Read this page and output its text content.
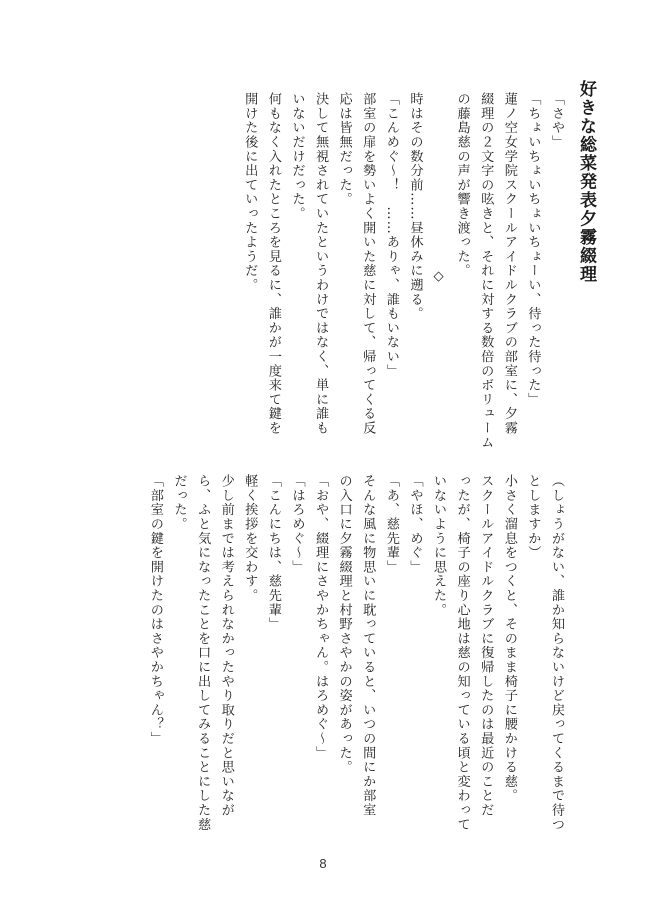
好きな総菜発表夕霧綴理
「さや」
「ちょいちょいちょいちょーい、待った待った」
蓮ノ空女学院スクールアイドルクラブの部室に、夕霧
綴理の２文字の呟きと、それに対する数倍のボリューム
の藤島慈の声が響き渡った。
◇
時はその数分前……昼休みに遡る。
「こんめぐ〜！　……ありゃ、誰もいない」
部室の扉を勢いよく開いた慈に対して、帰ってくる反
応は皆無だった。
決して無視されていたというわけではなく、単に誰も
いないだけだった。
何もなく入れたところを見るに、誰かが一度来て鍵を
開けた後に出ていったようだ。
（しょうがない、誰か知らないけど戻ってくるまで待つ
としますか）
小さく溜息をつくと、そのまま椅子に腰かける慈。
スクールアイドルクラブに復帰したのは最近のことだ
ったが、椅子の座り心地は慈の知っている頃と変わって
いないように思えた。
「やほ、めぐ」
「あ、慈先輩」
そんな風に物思いに耽っていると、いつの間にか部室
の入口に夕霧綴理と村野さやかの姿があった。
「おや、綴理にさやかちゃん。はろめぐ〜」
「はろめぐ〜」
「こんにちは、慈先輩」
軽く挨拶を交わす。
少し前までは考えられなかったやり取りだと思いなが
ら、ふと気になったことを口に出してみることにした慈
だった。
「部室の鍵を開けたのはさやかちゃん？」
8
